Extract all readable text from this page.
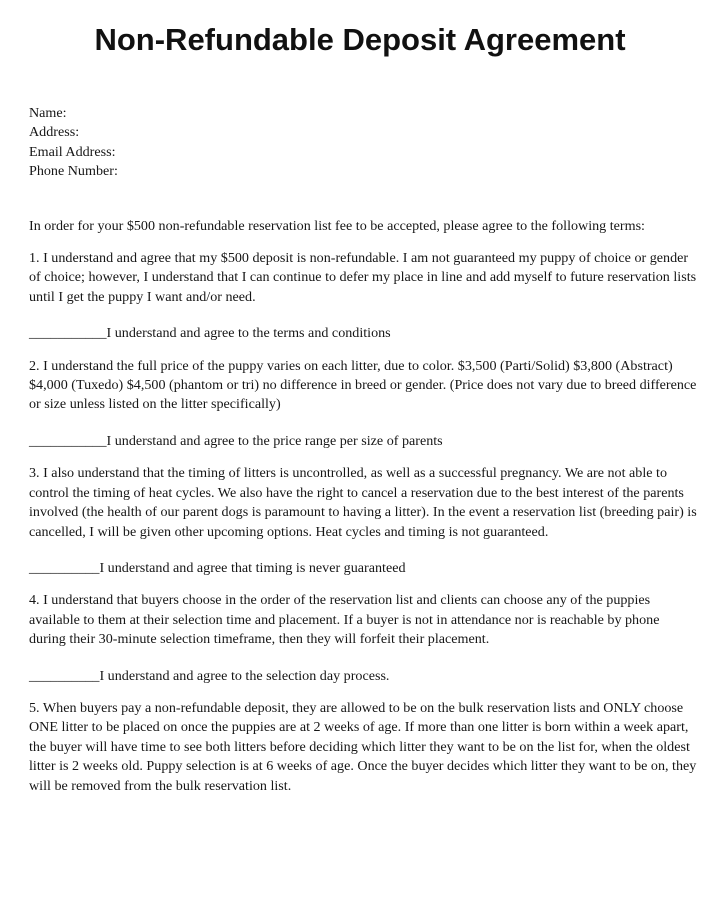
Non-Refundable Deposit Agreement
Name:
Address:
Email Address:
Phone Number:

In order for your $500 non-refundable reservation list fee to be accepted, please agree to the following terms:

1. I understand and agree that my $500 deposit is non-refundable. I am not guaranteed my puppy of choice or gender of choice; however, I understand that I can continue to defer my place in line and add myself to future reservation lists until I get the puppy I want and/or need.

___________I understand and agree to the terms and conditions

2. I understand the full price of the puppy varies on each litter, due to color. $3,500 (Parti/Solid) $3,800 (Abstract) $4,000 (Tuxedo) $4,500 (phantom or tri) no difference in breed or gender. (Price does not vary due to breed difference or size unless listed on the litter specifically)

___________I understand and agree to the price range per size of parents

3. I also understand that the timing of litters is uncontrolled, as well as a successful pregnancy. We are not able to control the timing of heat cycles. We also have the right to cancel a reservation due to the best interest of the parents involved (the health of our parent dogs is paramount to having a litter). In the event a reservation list (breeding pair) is cancelled, I will be given other upcoming options. Heat cycles and timing is not guaranteed.

__________I understand and agree that timing is never guaranteed

4. I understand that buyers choose in the order of the reservation list and clients can choose any of the puppies available to them at their selection time and placement. If a buyer is not in attendance nor is reachable by phone during their 30-minute selection timeframe, then they will forfeit their placement.

__________I understand and agree to the selection day process.

5. When buyers pay a non-refundable deposit, they are allowed to be on the bulk reservation lists and ONLY choose ONE litter to be placed on once the puppies are at 2 weeks of age. If more than one litter is born within a week apart, the buyer will have time to see both litters before deciding which litter they want to be on the list for, when the oldest litter is 2 weeks old. Puppy selection is at 6 weeks of age. Once the buyer decides which litter they want to be on, they will be removed from the bulk reservation list.
